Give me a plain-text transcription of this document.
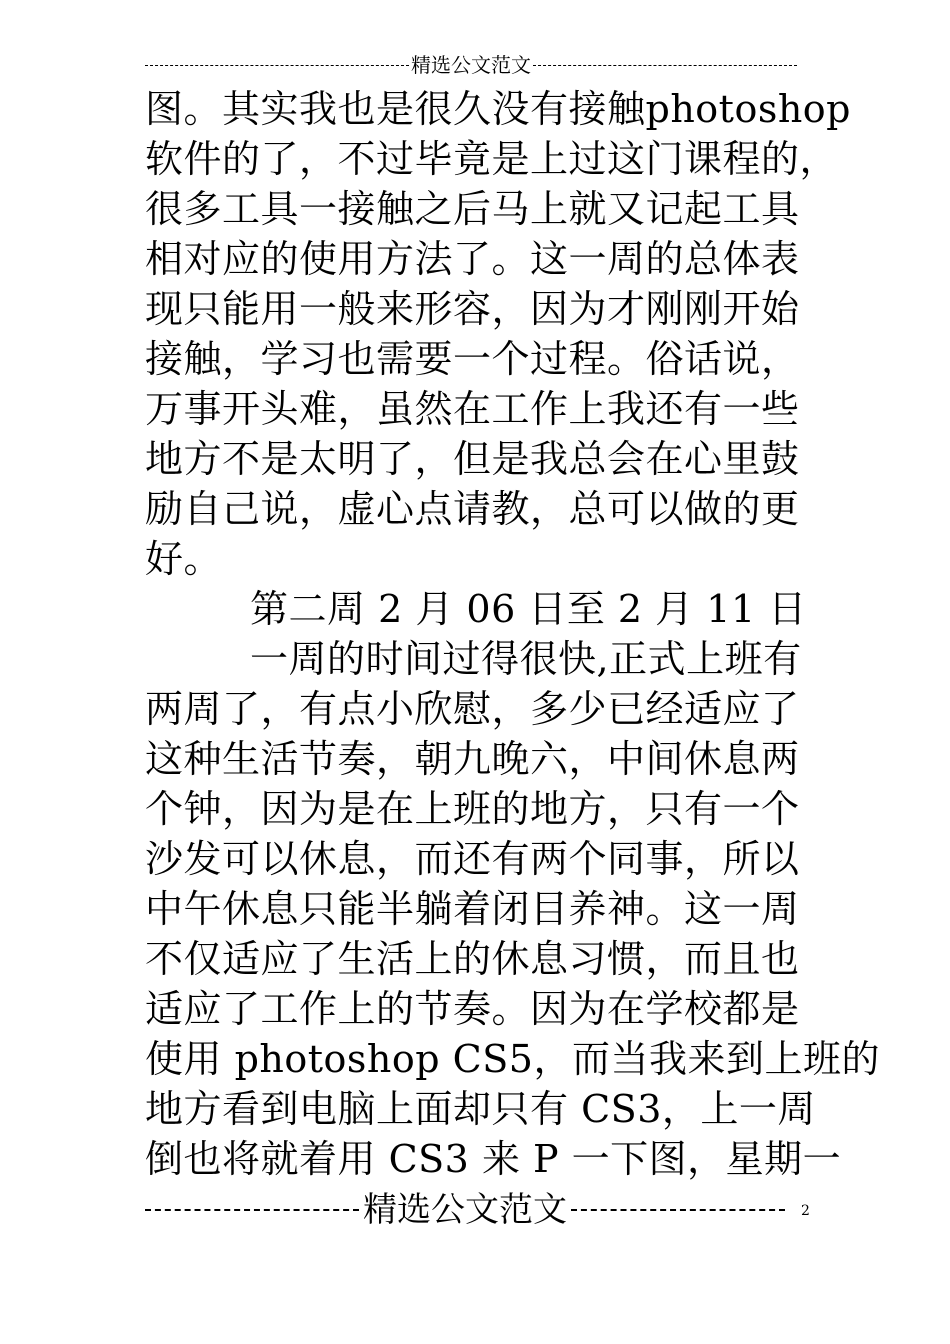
精选公文范文
图。其实我也是很久没有接触photoshop
软件的了，不过毕竟是上过这门课程的，
很多工具一接触之后马上就又记起工具
相对应的使用方法了。这一周的总体表
现只能用一般来形容，因为才刚刚开始
接触，学习也需要一个过程。俗话说，
万事开头难，虽然在工作上我还有一些
地方不是太明了，但是我总会在心里鼓
励自己说，虚心点请教，总可以做的更
好。
第二周 2 月 06 日至 2 月 11 日
一周的时间过得很快,正式上班有
两周了，有点小欣慰，多少已经适应了
这种生活节奏，朝九晚六，中间休息两
个钟，因为是在上班的地方，只有一个
沙发可以休息，而还有两个同事，所以
中午休息只能半躺着闭目养神。这一周
不仅适应了生活上的休息习惯，而且也
适应了工作上的节奏。因为在学校都是
使用 photoshop CS5，而当我来到上班的
地方看到电脑上面却只有 CS3，上一周
倒也将就着用 CS3 来 P 一下图，星期一
精选公文范文	2
